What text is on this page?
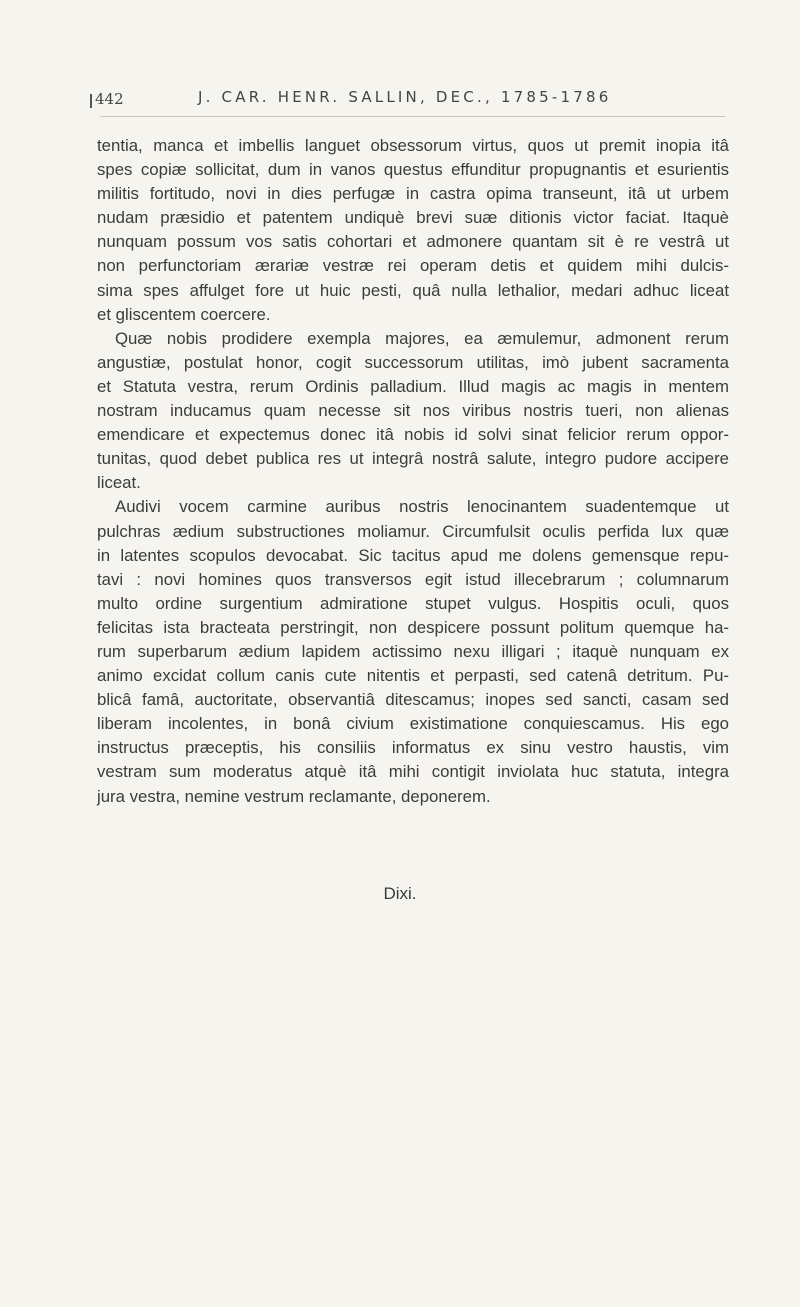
442	J. CAR. HENR. SALLIN, DEC., 1785-1786
tentia, manca et imbellis languet obsessorum virtus, quos ut premit inopia itâ
spes copiæ sollicitat, dum in vanos questus effunditur propugnantis et esurientis
militis fortitudo, novi in dies perfugæ in castra opima transeunt, itâ ut urbem
nudam præsidio et patentem undiquè brevi suæ ditionis victor faciat. Itaquè
nunquam possum vos satis cohortari et admonere quantam sit è re vestrâ ut
non perfunctoriam ærariæ vestræ rei operam detis et quidem mihi dulcis-
sima spes affulget fore ut huic pesti, quâ nulla lethalior, medari adhuc liceat
et gliscentem coercere.
Quæ nobis prodidere exempla majores, ea æmulemur, admonent rerum
angustiæ, postulat honor, cogit successorum utilitas, imò jubent sacramenta
et Statuta vestra, rerum Ordinis palladium. Illud magis ac magis in mentem
nostram inducamus quam necesse sit nos viribus nostris tueri, non alienas
emendicare et expectemus donec itâ nobis id solvi sinat felicior rerum oppor-
tunitas, quod debet publica res ut integrâ nostrâ salute, integro pudore accipere
liceat.
Audivi vocem carmine auribus nostris lenocinantem suadentemque ut
pulchras ædium substructiones moliamur. Circumfulsit oculis perfida lux quæ
in latentes scopulos devocabat. Sic tacitus apud me dolens gemensque repu-
tavi : novi homines quos transversos egit istud illecebrarum ; columnarum
multo ordine surgentium admiratione stupet vulgus. Hospitis oculi, quos
felicitas ista bracteata perstringit, non despicere possunt politum quemque ha-
rum superbarum ædium lapidem actissimo nexu illigari ; itaquè nunquam ex
animo excidat collum canis cute nitentis et perpasti, sed catenâ detritum. Pu-
blicâ famâ, auctoritate, observantiâ ditescamus; inopes sed sancti, casam sed
liberam incolentes, in bonâ civium existimatione conquiescamus. His ego
instructus præceptis, his consiliis informatus ex sinu vestro haustis, vim
vestram sum moderatus atquè itâ mihi contigit inviolata huc statuta, integra
jura vestra, nemine vestrum reclamante, deponerem.
Dixi.
